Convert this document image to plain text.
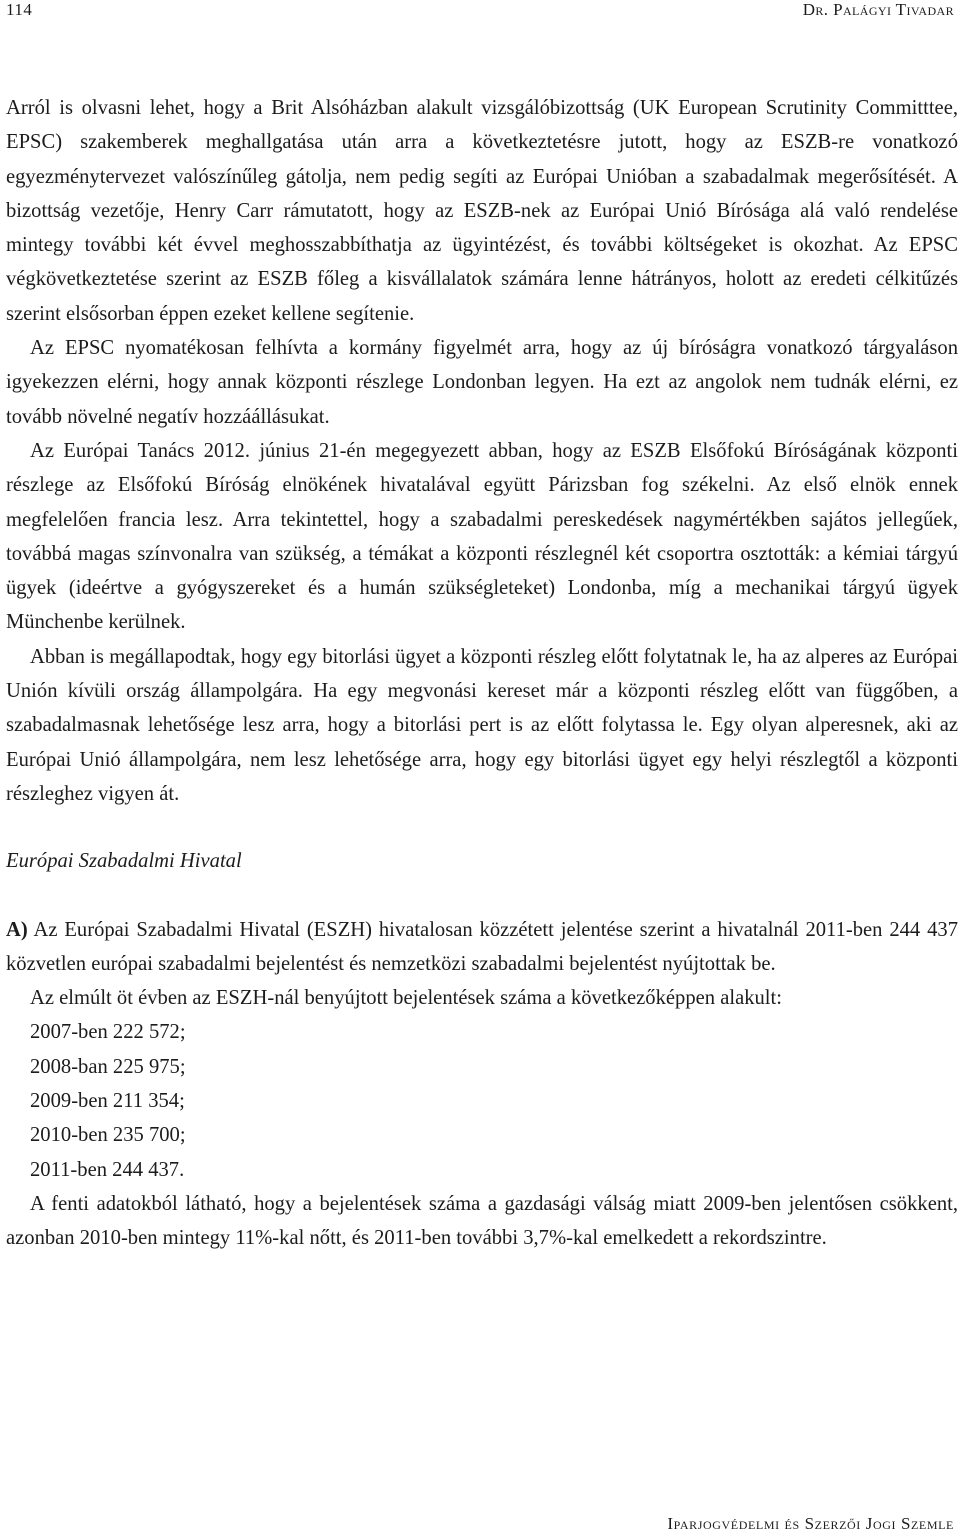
114	Dr. Palágyi Tivadar

Arról is olvasni lehet, hogy a Brit Alsóházban alakult vizsgálóbizottság (UK European Scrutinity Committtee, EPSC) szakemberek meghallgatása után arra a következtetésre jutott, hogy az ESZB-re vonatkozó egyezménytervezet valószínűleg gátolja, nem pedig segíti az Európai Unióban a szabadalmak megerősítését. A bizottság vezetője, Henry Carr rámutatott, hogy az ESZB-nek az Európai Unió Bírósága alá való rendelése mintegy további két évvel meghosszabbíthatja az ügyintézést, és további költségeket is okozhat. Az EPSC végkövetkeztetése szerint az ESZB főleg a kisvállalatok számára lenne hátrányos, holott az eredeti célkitűzés szerint elsősorban éppen ezeket kellene segítenie.

Az EPSC nyomatékosan felhívta a kormány figyelmét arra, hogy az új bíróságra vonatkozó tárgyaláson igyekezzen elérni, hogy annak központi részlege Londonban legyen. Ha ezt az angolok nem tudnák elérni, ez tovább növelné negatív hozzáállásukat.

Az Európai Tanács 2012. június 21-én megegyezett abban, hogy az ESZB Elsőfokú Bíróságának központi részlege az Elsőfokú Bíróság elnökének hivatalával együtt Párizsban fog székelni. Az első elnök ennek megfelelően francia lesz. Arra tekintettel, hogy a szabadalmi pereskedések nagymértékben sajátos jellegűek, továbbá magas színvonalra van szükség, a témákat a központi részlegnél két csoportra osztották: a kémiai tárgyú ügyek (ideértve a gyógyszereket és a humán szükségleteket) Londonba, míg a mechanikai tárgyú ügyek Münchenbe kerülnek.

Abban is megállapodtak, hogy egy bitorlási ügyet a központi részleg előtt folytatnak le, ha az alperes az Európai Unión kívüli ország állampolgára. Ha egy megvonási kereset már a központi részleg előtt van függőben, a szabadalmasnak lehetősége lesz arra, hogy a bitorlási pert is az előtt folytassa le. Egy olyan alperesnek, aki az Európai Unió állampolgára, nem lesz lehetősége arra, hogy egy bitorlási ügyet egy helyi részlegtől a központi részleghez vigyen át.

Európai Szabadalmi Hivatal

A) Az Európai Szabadalmi Hivatal (ESZH) hivatalosan közzétett jelentése szerint a hivatalnál 2011-ben 244 437 közvetlen európai szabadalmi bejelentést és nemzetközi szabadalmi bejelentést nyújtottak be.

Az elmúlt öt évben az ESZH-nál benyújtott bejelentések száma a következőképpen alakult:

2007-ben 222 572;
2008-ban 225 975;
2009-ben 211 354;
2010-ben 235 700;
2011-ben 244 437.

A fenti adatokból látható, hogy a bejelentések száma a gazdasági válság miatt 2009-ben jelentősen csökkent, azonban 2010-ben mintegy 11%-kal nőtt, és 2011-ben további 3,7%-kal emelkedett a rekordszintre.

Iparjogvédelmi és Szerzői Jogi Szemle
